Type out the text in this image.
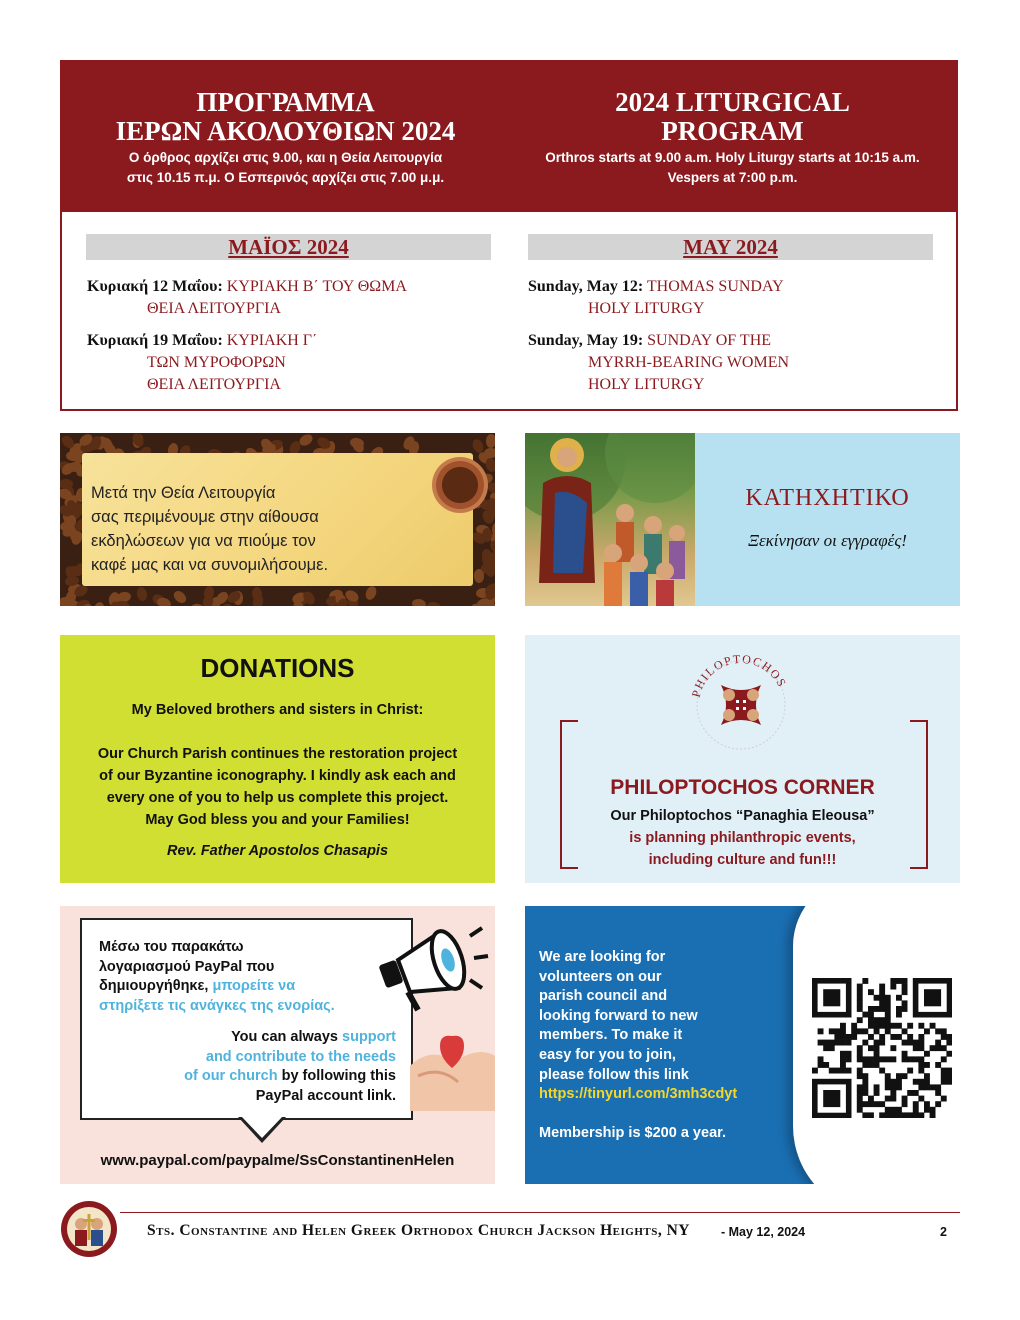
ΠΡΟΓΡΑΜΜΑ
ΙΕΡΩΝ ΑΚΟΛΟΥΘΙΩΝ 2024
Ο όρθρος αρχίζει στις 9.00, και η Θεία Λειτουργία
στις 10.15 π.μ. Ο Εσπερινός αρχίζει στις 7.00 μ.μ.
2024 LITURGICAL
PROGRAM
Orthros starts at 9.00 a.m. Holy Liturgy starts at 10:15 a.m.
Vespers at 7:00 p.m.
ΜΑΪΟΣ 2024	MAY 2024
Κυριακή 12 Μαΐου: ΚΥΡΙΑΚΗ Β΄ ΤΟΥ ΘΩΜΑ
ΘΕΙΑ ΛΕΙΤΟΥΡΓΙΑ
Κυριακή 19 Μαΐου: ΚΥΡΙΑΚΗ Γ΄
ΤΩΝ ΜΥΡΟΦΟΡΩΝ
ΘΕΙΑ ΛΕΙΤΟΥΡΓΙΑ
Sunday, May 12: THOMAS SUNDAY
HOLY LITURGY
Sunday, May 19: SUNDAY OF THE
MYRRH-BEARING WOMEN
HOLY LITURGY
Μετά την Θεία Λειτουργία
σας περιμένουμε στην αίθουσα
εκδηλώσεων για να πιούμε τον
καφέ μας και να συνομιλήσουμε.
ΚΑΤΗΧΗΤΙΚΟ
Ξεκίνησαν οι εγγραφές!
DONATIONS
My Beloved brothers and sisters in Christ:
Our Church Parish continues the restoration project
of our Byzantine iconography. I kindly ask each and
every one of you to help us complete this project.
May God bless you and your Families!
Rev. Father Apostolos Chasapis
PHILOPTOCHOS
PHILOPTOCHOS CORNER
Our Philoptochos “Panaghia Eleousa”
is planning philanthropic events,
including culture and fun!!!
Μέσω του παρακάτω
λογαριασμού PayPal που
δημιουργήθηκε, μπορείτε να
στηρίξετε τις ανάγκες της ενορίας.
You can always support
and contribute to the needs
of our church by following this
PayPal account link.
www.paypal.com/paypalme/SsConstantinenHelen
We are looking for
volunteers on our
parish council and
looking forward to new
members. To make it
easy for you to join,
please follow this link
https://tinyurl.com/3mh3cdyt
Membership is $200 a year.
Sts. Constantine and Helen Greek Orthodox Church Jackson Heights, NY - May 12, 2024	2
